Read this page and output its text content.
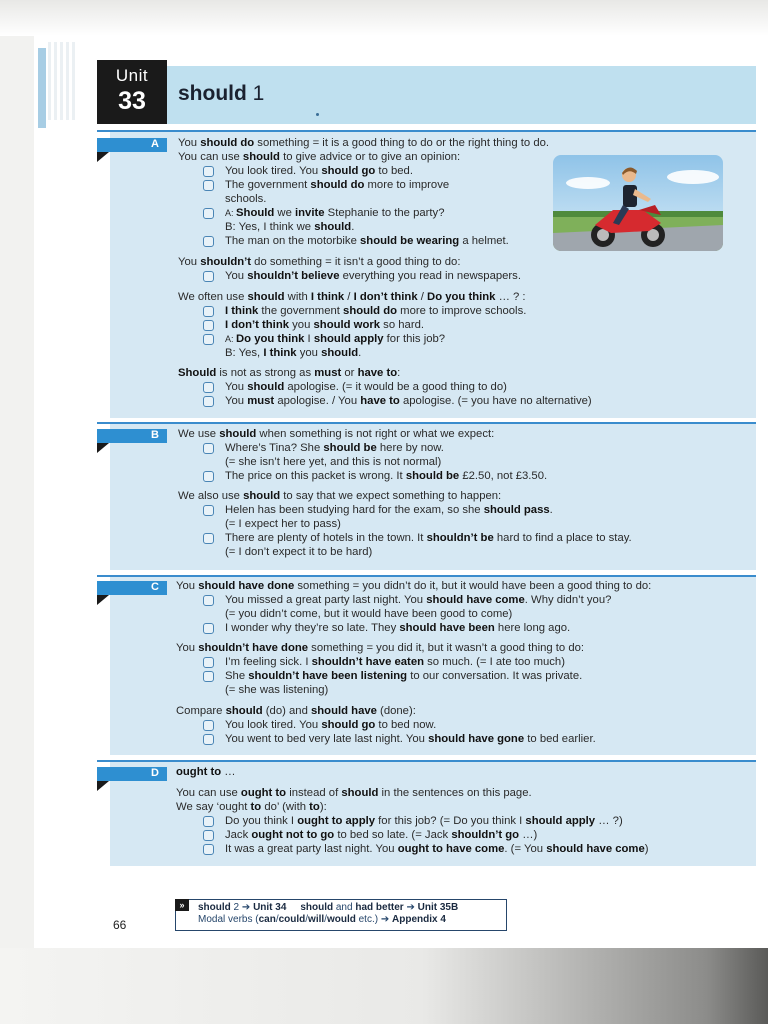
Unit
33	should 1
A
B
C
D
You should do something = it is a good thing to do or the right thing to do.
You can use should to give advice or to give an opinion:
You look tired. You should go to bed.
The government should do more to improve
schools.
A: Should we invite Stephanie to the party?
B: Yes, I think we should.
The man on the motorbike should be wearing a helmet.
You shouldn’t do something = it isn’t a good thing to do:
You shouldn’t believe everything you read in newspapers.
We often use should with I think / I don’t think / Do you think … ? :
I think the government should do more to improve schools.
I don’t think you should work so hard.
A: Do you think I should apply for this job?
B: Yes, I think you should.
Should is not as strong as must or have to:
You should apologise. (= it would be a good thing to do)
You must apologise. / You have to apologise. (= you have no alternative)
We use should when something is not right or what we expect:
Where’s Tina? She should be here by now.
(= she isn’t here yet, and this is not normal)
The price on this packet is wrong. It should be £2.50, not £3.50.
We also use should to say that we expect something to happen:
Helen has been studying hard for the exam, so she should pass.
(= I expect her to pass)
There are plenty of hotels in the town. It shouldn’t be hard to find a place to stay.
(= I don’t expect it to be hard)
You should have done something = you didn’t do it, but it would have been a good thing to do:
You missed a great party last night. You should have come. Why didn’t you?
(= you didn’t come, but it would have been good to come)
I wonder why they’re so late. They should have been here long ago.
You shouldn’t have done something = you did it, but it wasn’t a good thing to do:
I’m feeling sick. I shouldn’t have eaten so much. (= I ate too much)
She shouldn’t have been listening to our conversation. It was private.
(= she was listening)
Compare should (do) and should have (done):
You look tired. You should go to bed now.
You went to bed very late last night. You should have gone to bed earlier.
ought to …
You can use ought to instead of should in the sentences on this page.
We say ‘ought to do’ (with to):
Do you think I ought to apply for this job? (= Do you think I should apply … ?)
Jack ought not to go to bed so late. (= Jack shouldn’t go …)
It was a great party last night. You ought to have come. (= You should have come)
»	should 2 ➔ Unit 34 should and had better ➔ Unit 35B
Modal verbs (can/could/will/would etc.) ➔ Appendix 4
66
